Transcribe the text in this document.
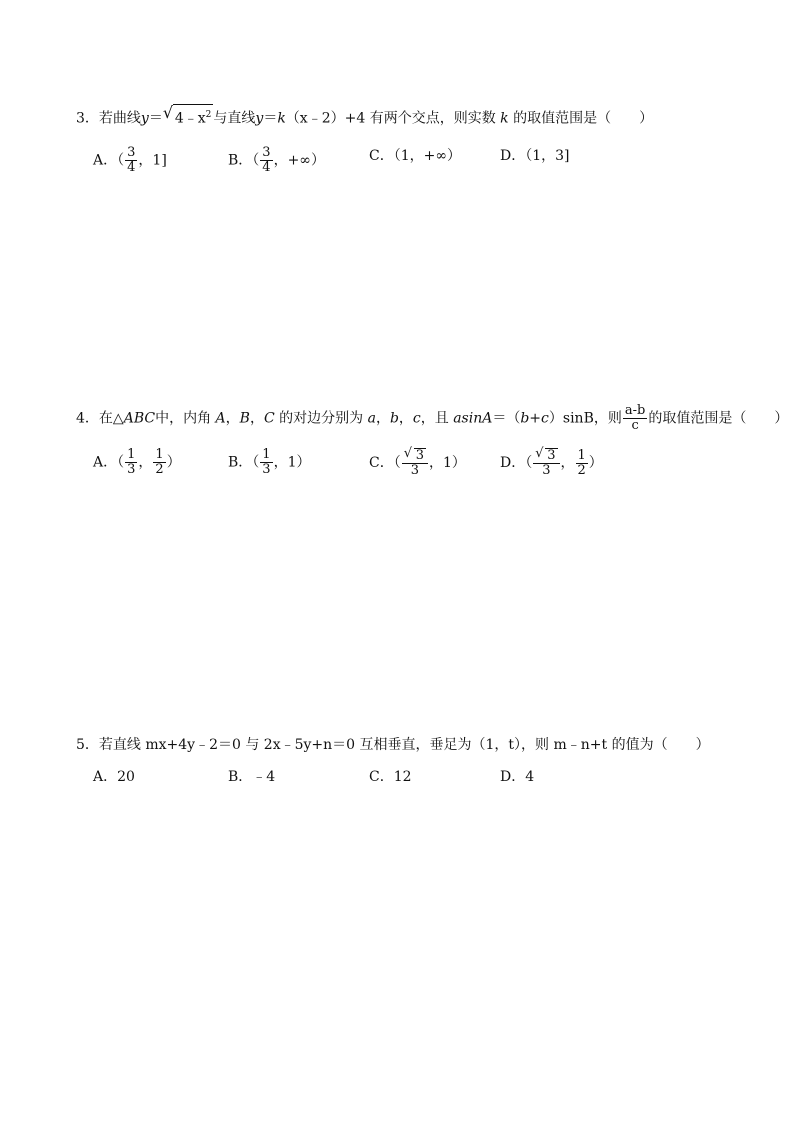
3．若曲线y＝ √ $4﹣x^2$ 与直线y＝k（x﹣2）+4 有两个交点，则实数 k 的取值范围是（　　）
A．（ $\frac{3}{4}$ ，1]	B．（ $\frac{3}{4}$ ，+∞）	C．（1，+∞）	D．（1，3]
4．在△ABC中，内角 A，B，C 的对边分别为 a，b，c，且 asinA＝（b+c）sinB，则 $\frac{a-b}{c}$ 的取值范围是（　　）
A．（ $\frac{1}{3}$ ， $\frac{1}{2}$ ）	B．（ $\frac{1}{3}$ ，1）	C．（ $\frac{√ 3}{3}$ ，1） D．（ $\frac{√ 3}{3}$ ， $\frac{1}{2}$ ）
5．若直线 mx+4y﹣2＝0 与 2x﹣5y+n＝0 互相垂直，垂足为（1，t），则 m﹣n+t 的值为（　　）
A．20	B．﹣4	C．12	D．4
